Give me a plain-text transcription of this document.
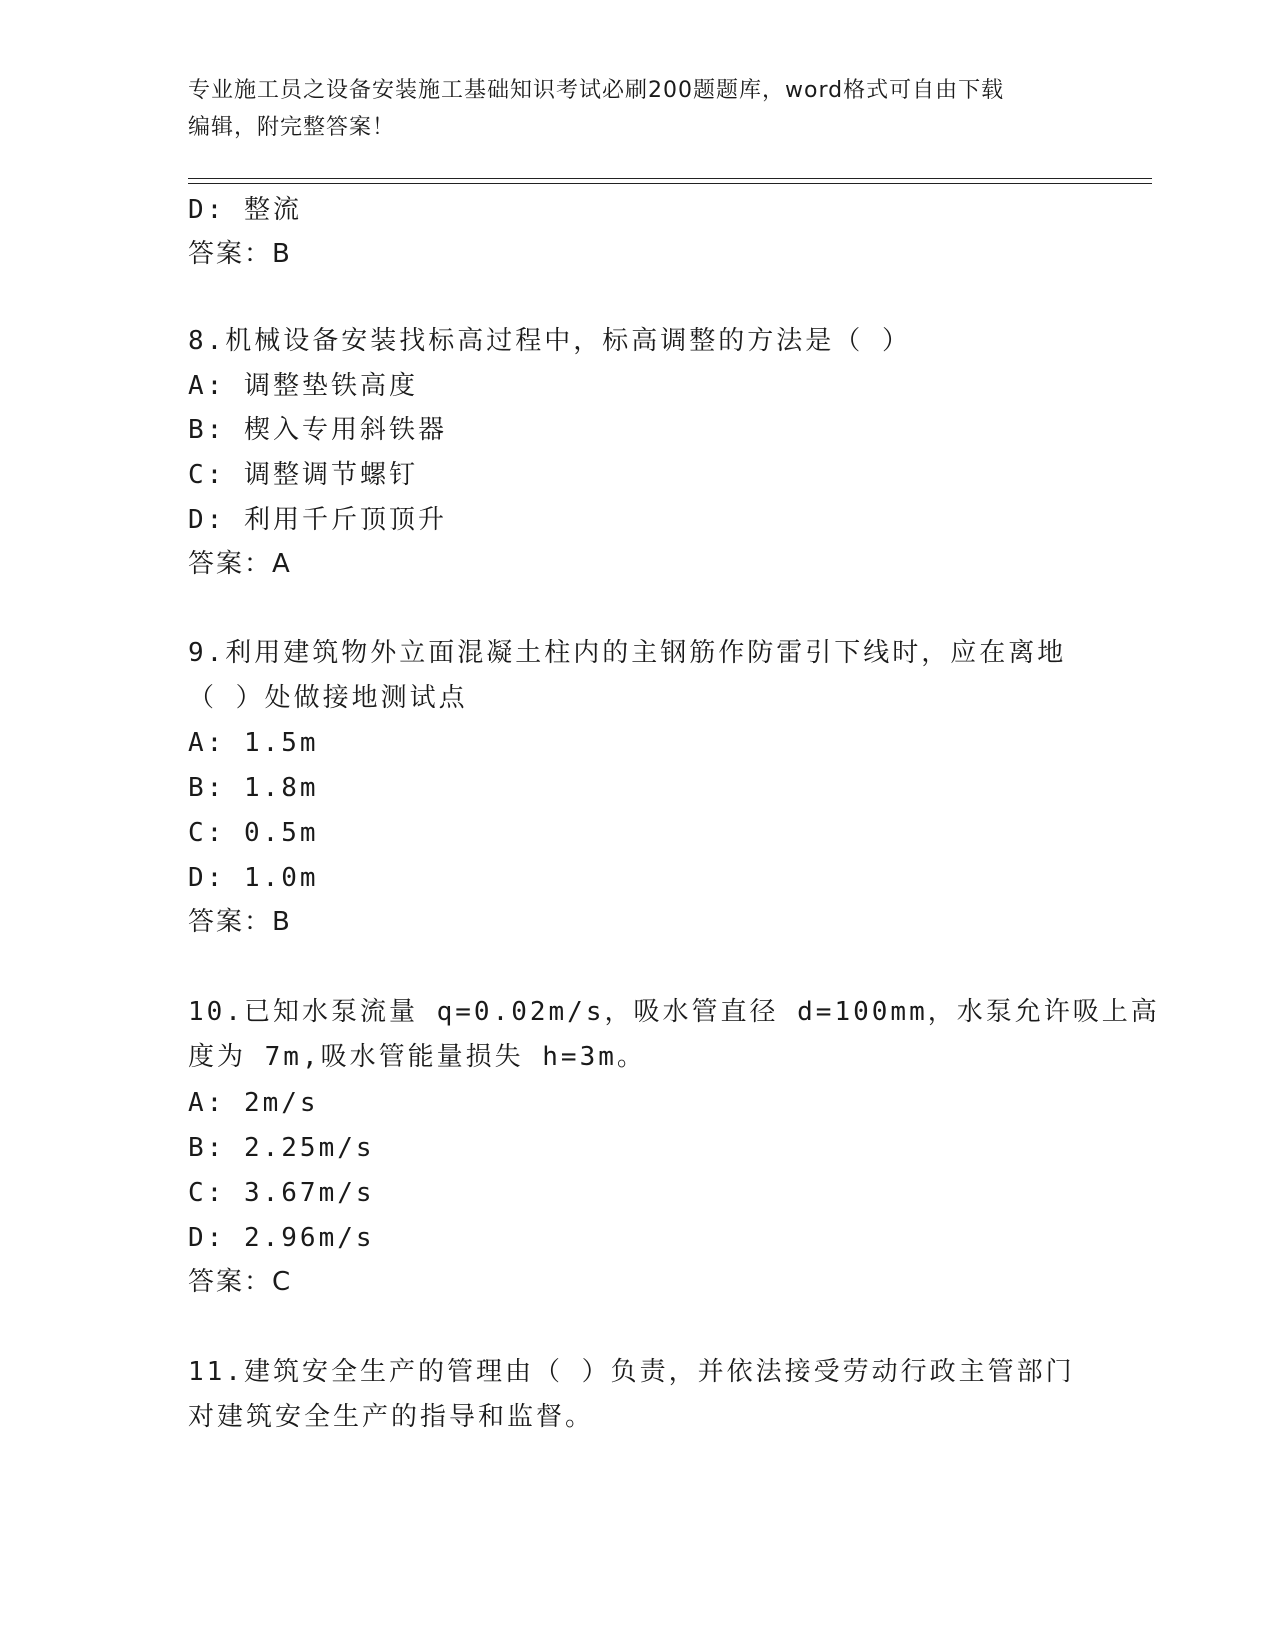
专业施工员之设备安装施工基础知识考试必刷200题题库，word格式可自由下载
编辑，附完整答案！
D: 整流
答案：B
8.机械设备安装找标高过程中，标高调整的方法是（ ）
A: 调整垫铁高度
B: 楔入专用斜铁器
C: 调整调节螺钉
D: 利用千斤顶顶升
答案：A
9.利用建筑物外立面混凝土柱内的主钢筋作防雷引下线时，应在离地
（ ）处做接地测试点
A: 1.5m
B: 1.8m
C: 0.5m
D: 1.0m
答案：B
10.已知水泵流量 q=0.02m/s，吸水管直径 d=100mm，水泵允许吸上高
度为 7m,吸水管能量损失 h=3m。
A: 2m/s
B: 2.25m/s
C: 3.67m/s
D: 2.96m/s
答案：C
11.建筑安全生产的管理由（ ）负责，并依法接受劳动行政主管部门
对建筑安全生产的指导和监督。
